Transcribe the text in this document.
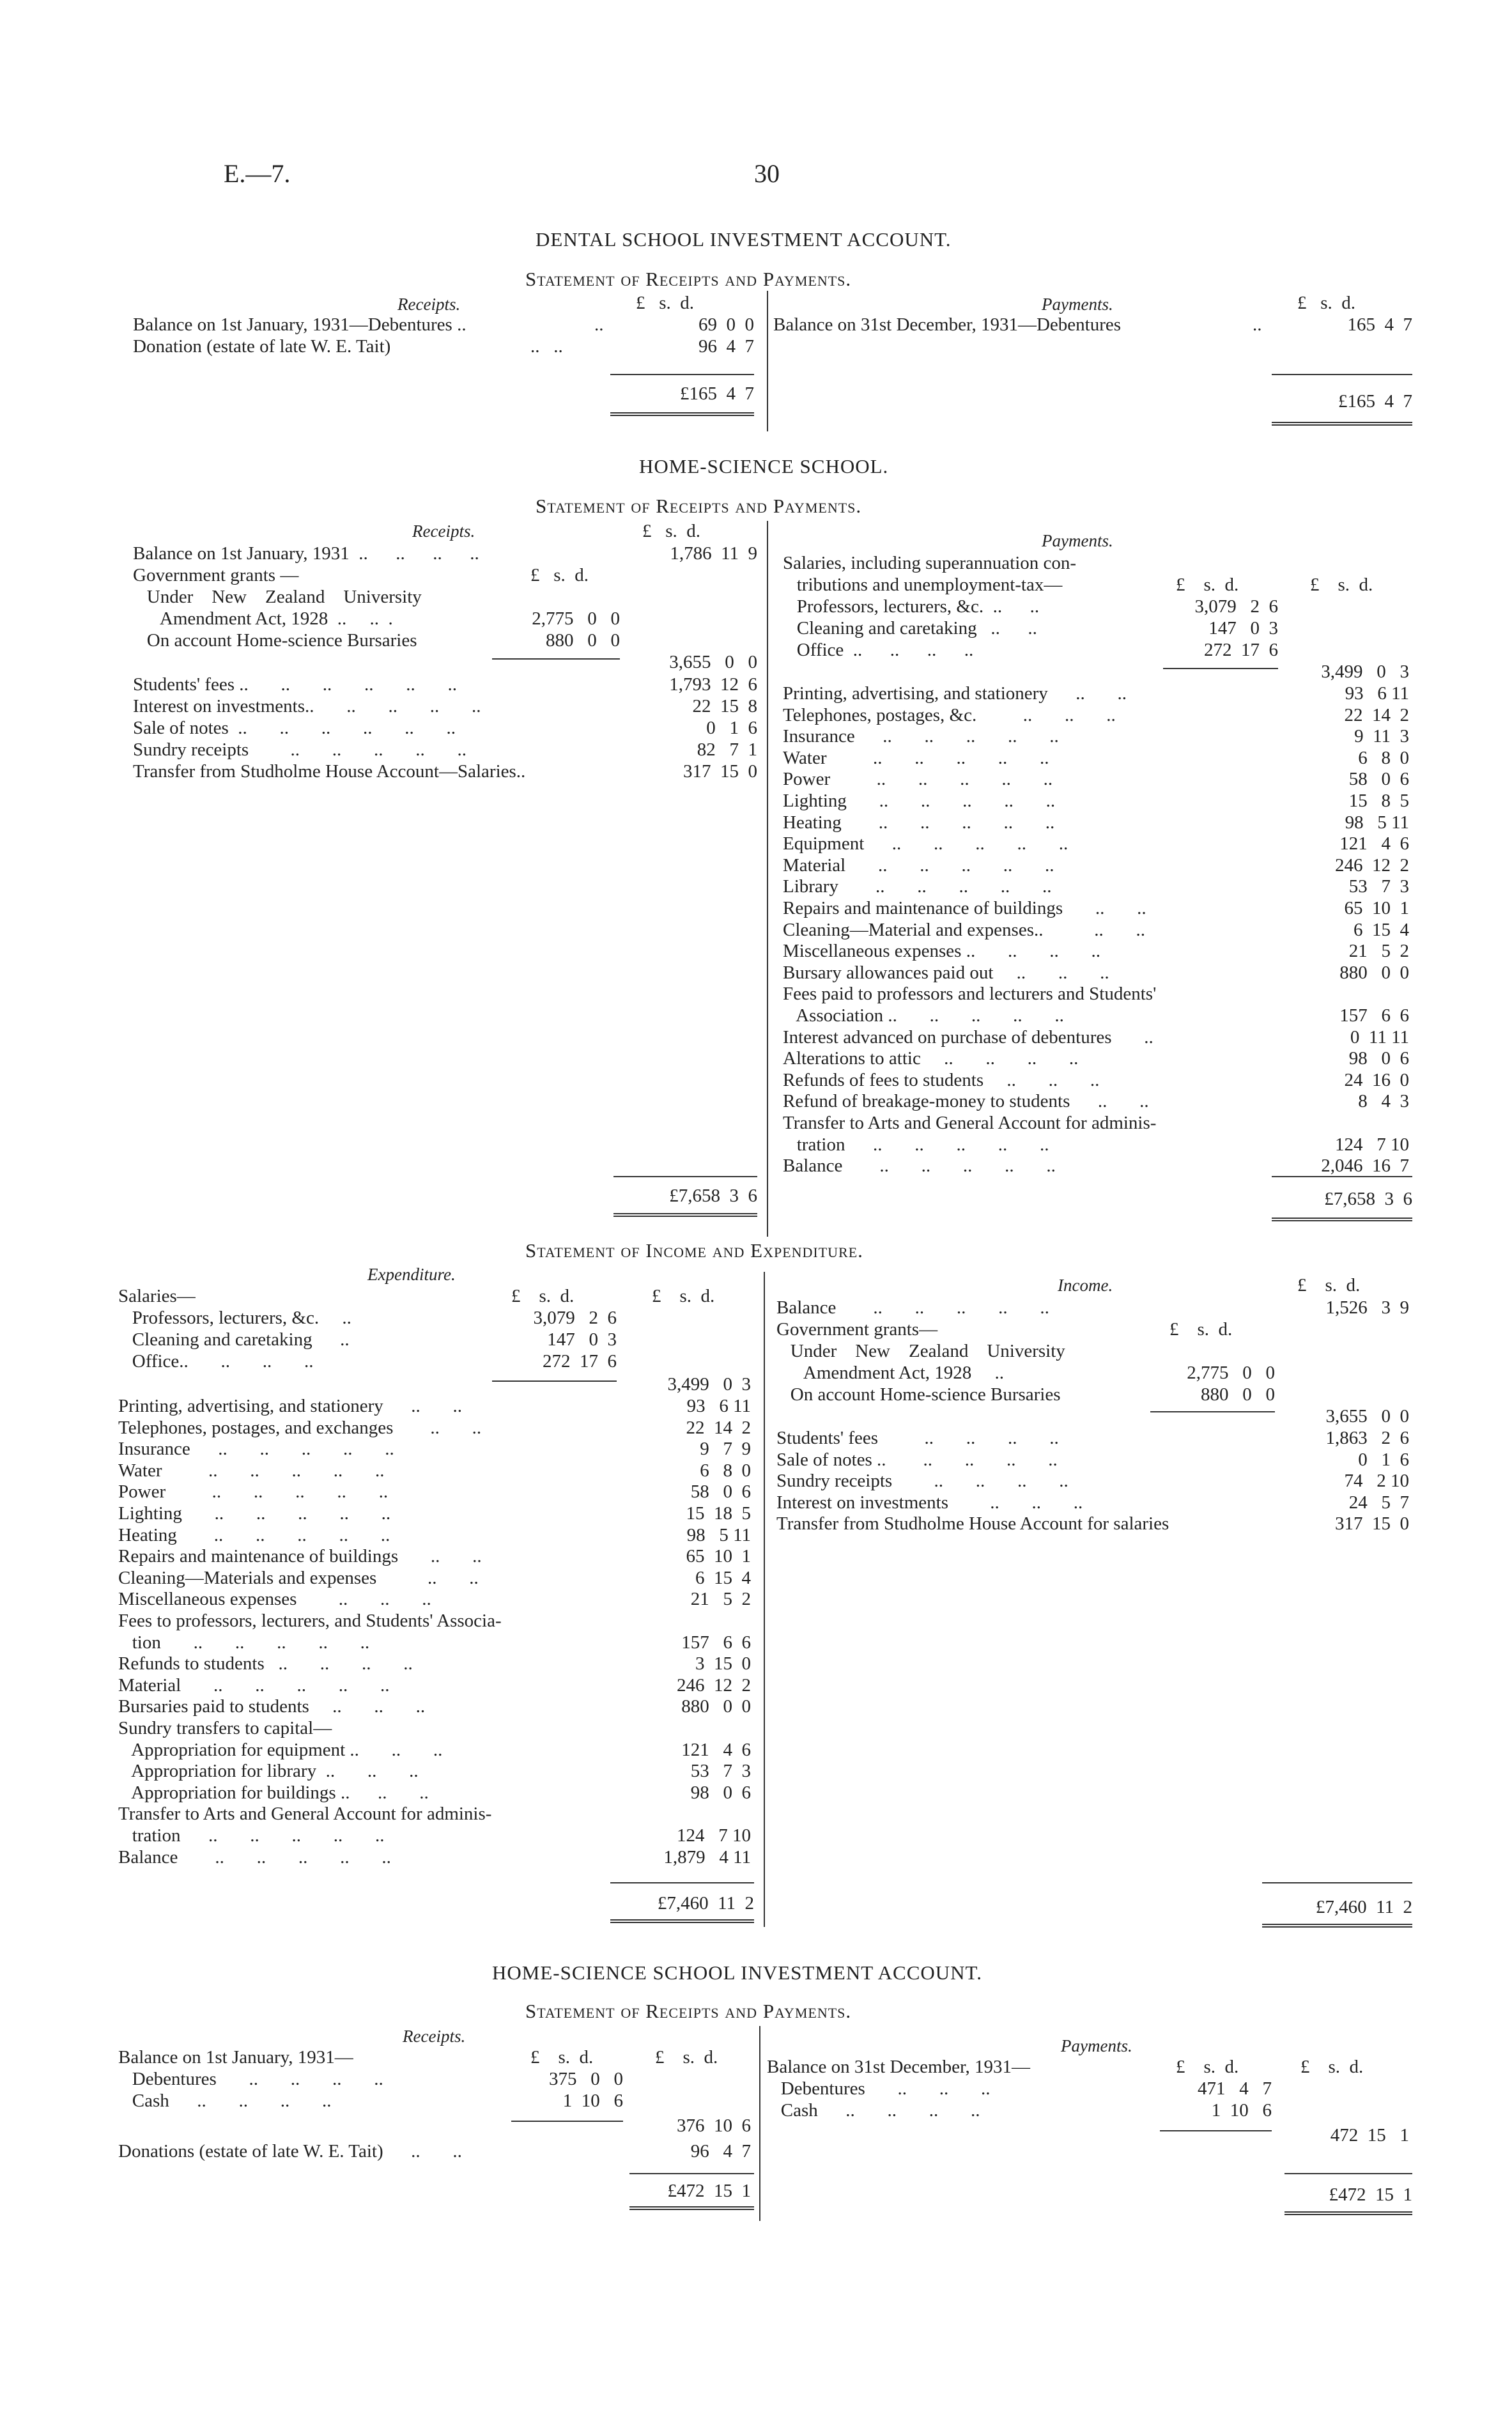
E.—7.	30
DENTAL SCHOOL INVESTMENT ACCOUNT.
Statement of Receipts and Payments.
Receipts.	£   s.  d.	Payments.	£   s.  d.
Balance on 1st January, 1931—Debentures ..	..	69  0  0
Donation (estate of late W. E. Tait)	..   ..	96  4  7
Balance on 31st December, 1931—Debentures	..	165  4  7
£165  4  7	£165  4  7
HOME-SCIENCE SCHOOL.
Statement of Receipts and Payments.
Receipts.	£   s.  d.	Payments.
Balance on 1st January, 1931  ..      ..      ..      ..	1,786  11  9
Government grants —	£   s.  d.
Under    New    Zealand    University
Amendment Act, 1928  ..     ..  .	2,775   0   0
On account Home-science Bursaries	880   0   0
3,655   0   0
Students' fees ..       ..       ..       ..       ..       ..	1,793  12  6
Interest on investments..       ..       ..       ..       ..	22  15  8
Sale of notes  ..       ..       ..       ..       ..       ..	0   1  6
Sundry receipts         ..       ..       ..       ..       ..	82   7  1
Transfer from Studholme House Account—Salaries..	317  15  0
Salaries, including superannuation con-
tributions and unemployment-tax—	£    s.  d.	£    s.  d.
Professors, lecturers, &c.  ..      ..	3,079   2  6
Cleaning and caretaking   ..      ..	147   0  3
Office  ..      ..      ..      ..	272  17  6
3,499   0   3
Printing, advertising, and stationery      ..       ..	93   6 11
Telephones, postages, &c.          ..       ..       ..	22  14  2
Insurance      ..       ..       ..       ..       ..	9  11  3
Water          ..       ..       ..       ..       ..	6   8  0
Power          ..       ..       ..       ..       ..	58   0  6
Lighting       ..       ..       ..       ..       ..	15   8  5
Heating        ..       ..       ..       ..       ..	98   5 11
Equipment      ..       ..       ..       ..       ..	121   4  6
Material       ..       ..       ..       ..       ..	246  12  2
Library        ..       ..       ..       ..       ..	53   7  3
Repairs and maintenance of buildings       ..       ..	65  10  1
Cleaning—Material and expenses..           ..       ..	6  15  4
Miscellaneous expenses ..       ..       ..       ..	21   5  2
Bursary allowances paid out     ..       ..       ..	880   0  0
Fees paid to professors and lecturers and Students'
Association ..       ..       ..       ..       ..	157   6  6
Interest advanced on purchase of debentures       ..	0  11 11
Alterations to attic     ..       ..       ..       ..	98   0  6
Refunds of fees to students     ..       ..       ..	24  16  0
Refund of breakage-money to students      ..       ..	8   4  3
Transfer to Arts and General Account for adminis-
tration      ..       ..       ..       ..       ..	124   7 10
Balance        ..       ..       ..       ..       ..	2,046  16  7
£7,658  3  6	£7,658  3  6
Statement of Income and Expenditure.
Expenditure.
Income.	£    s.  d.
Salaries—	£    s.  d.	£    s.  d.
Professors, lecturers, &c.     ..	3,079   2  6
Cleaning and caretaking      ..	147   0  3
Office..       ..       ..       ..	272  17  6
3,499   0  3
Printing, advertising, and stationery      ..       ..	93   6 11
Telephones, postages, and exchanges        ..       ..	22  14  2
Insurance      ..       ..       ..       ..       ..	9   7  9
Water          ..       ..       ..       ..       ..	6   8  0
Power          ..       ..       ..       ..       ..	58   0  6
Lighting       ..       ..       ..       ..       ..	15  18  5
Heating        ..       ..       ..       ..       ..	98   5 11
Repairs and maintenance of buildings       ..       ..	65  10  1
Cleaning—Materials and expenses           ..       ..	6  15  4
Miscellaneous expenses         ..       ..       ..	21   5  2
Fees to professors, lecturers, and Students' Associa-
tion       ..       ..       ..       ..       ..	157   6  6
Refunds to students   ..       ..       ..       ..	3  15  0
Material       ..       ..       ..       ..       ..	246  12  2
Bursaries paid to students     ..       ..       ..	880   0  0
Sundry transfers to capital—
Appropriation for equipment ..       ..       ..	121   4  6
Appropriation for library  ..       ..       ..	53   7  3
Appropriation for buildings ..      ..       ..	98   0  6
Transfer to Arts and General Account for adminis-
tration      ..       ..       ..       ..       ..	124   7 10
Balance        ..       ..       ..       ..       ..	1,879   4 11
Balance        ..       ..       ..       ..       ..	1,526   3  9
Government grants—	£    s.  d.
Under    New    Zealand    University
Amendment Act, 1928     ..	2,775   0   0
On account Home-science Bursaries	880   0   0
3,655   0  0
Students' fees          ..       ..       ..       ..	1,863   2  6
Sale of notes ..        ..       ..       ..       ..	0   1  6
Sundry receipts         ..       ..       ..       ..	74   2 10
Interest on investments         ..       ..       ..	24   5  7
Transfer from Studholme House Account for salaries	317  15  0
£7,460  11  2	£7,460  11  2
HOME-SCIENCE SCHOOL INVESTMENT ACCOUNT.
Statement of Receipts and Payments.
Receipts.	Payments.
Balance on 1st January, 1931—	£    s.  d.	£    s.  d.
Debentures       ..       ..       ..       ..	375   0   0
Cash      ..       ..       ..       ..	1  10   6
376  10  6
Donations (estate of late W. E. Tait)      ..       ..	96   4  7
Balance on 31st December, 1931—	£    s.  d.	£    s.  d.
Debentures       ..       ..       ..	471   4   7
Cash      ..       ..       ..       ..	1  10   6
472  15   1
£472  15  1	£472  15  1
